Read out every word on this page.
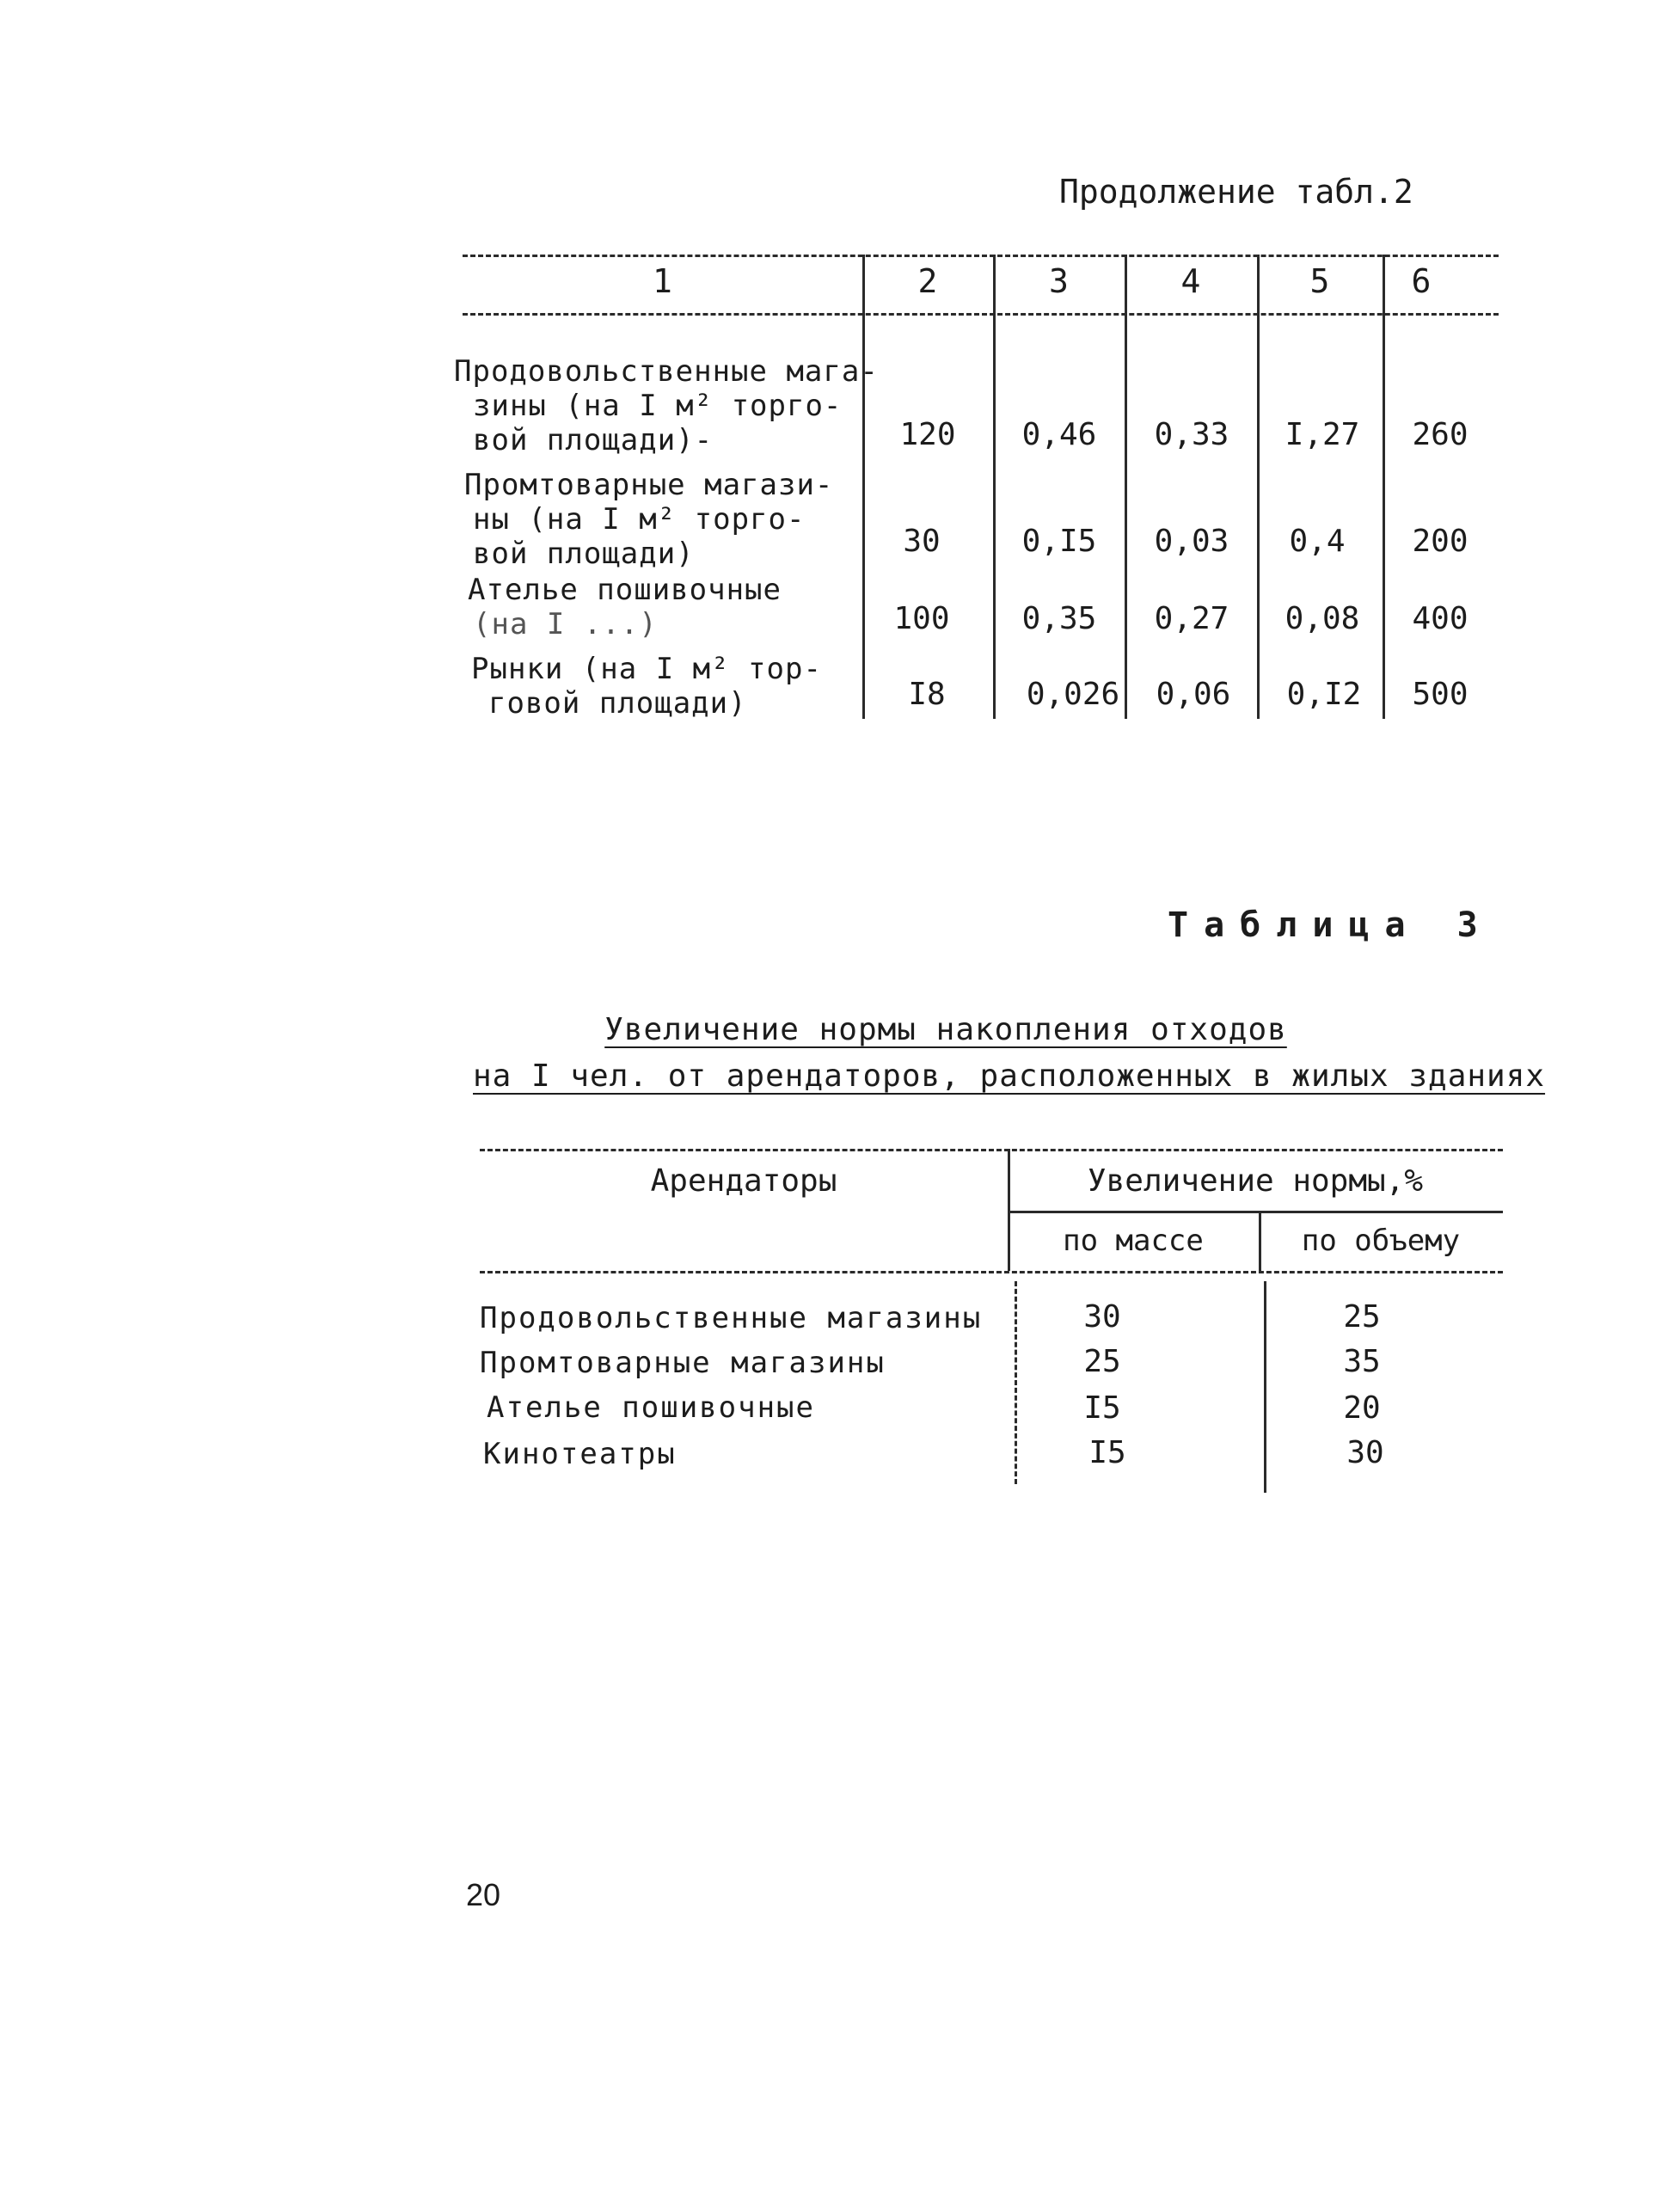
Продолжение табл.2
1	2	3	4	5	6
Продовольственные мага-
зины (на I м² торго-
вой площади)-	120	0,46	0,33	I,27	260
Промтоварные магази-
ны (на I м² торго-
вой площади)	30	0,I5	0,03	0,4	200
Ателье пошивочные
(на I ...)	100	0,35	0,27	0,08	400
Рынки (на I м² тор-
говой площади)	I8	0,026	0,06	0,I2	500
Таблица 3
Увеличение нормы накопления отходов
на I чел. от арендаторов, расположенных в жилых зданиях
Арендаторы	Увеличение нормы,%
по массе	по объему
Продовольственные магазины	30	25
Промтоварные магазины	25	35
Ателье пошивочные	I5	20
Кинотеатры	I5	30
20
